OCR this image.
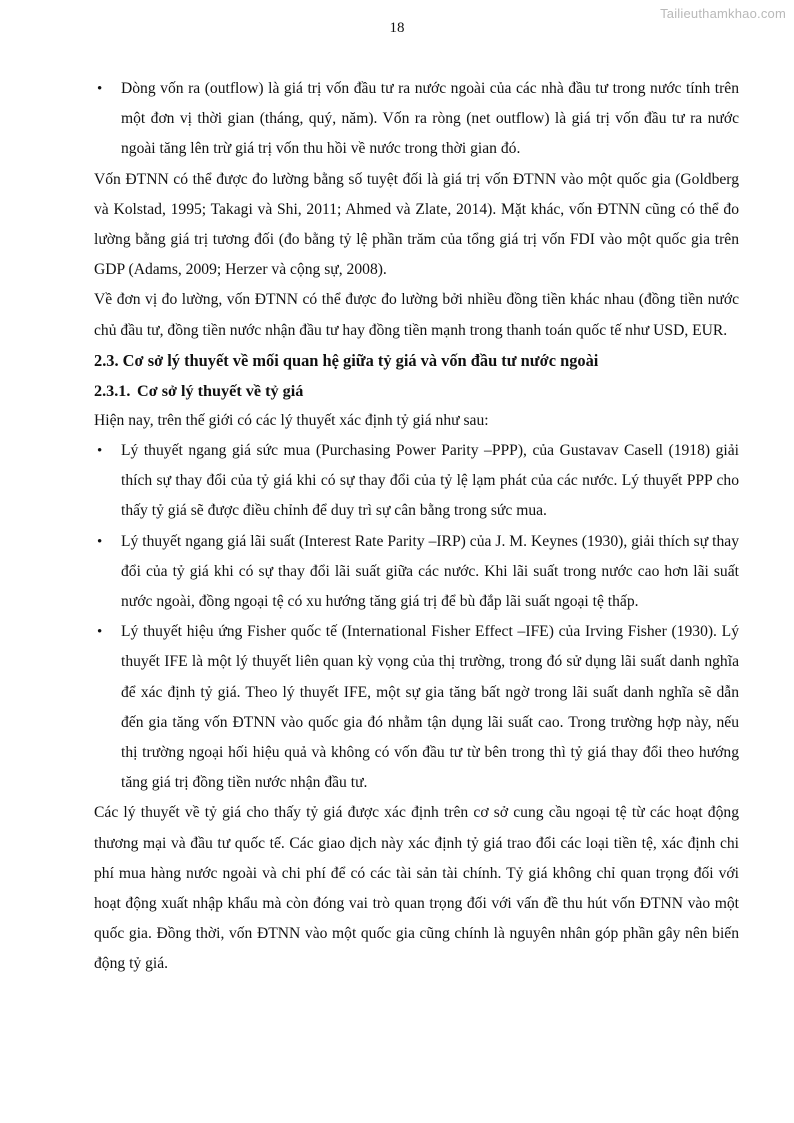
Tailieuthamkhao.com
18
• Dòng vốn ra (outflow) là giá trị vốn đầu tư ra nước ngoài của các nhà đầu tư trong nước tính trên một đơn vị thời gian (tháng, quý, năm). Vốn ra ròng (net outflow) là giá trị vốn đầu tư ra nước ngoài tăng lên trừ giá trị vốn thu hồi về nước trong thời gian đó.

Vốn ĐTNN có thể được đo lường bằng số tuyệt đối là giá trị vốn ĐTNN vào một quốc gia (Goldberg và Kolstad, 1995; Takagi và Shi, 2011; Ahmed và Zlate, 2014). Mặt khác, vốn ĐTNN cũng có thể đo lường bằng giá trị tương đối (đo bằng tỷ lệ phần trăm của tổng giá trị vốn FDI vào một quốc gia trên GDP (Adams, 2009; Herzer và cộng sự, 2008).

Về đơn vị đo lường, vốn ĐTNN có thể được đo lường bởi nhiều đồng tiền khác nhau (đồng tiền nước chủ đầu tư, đồng tiền nước nhận đầu tư hay đồng tiền mạnh trong thanh toán quốc tế như USD, EUR.

2.3. Cơ sở lý thuyết về mối quan hệ giữa tỷ giá và vốn đầu tư nước ngoài
2.3.1. Cơ sở lý thuyết về tỷ giá

Hiện nay, trên thế giới có các lý thuyết xác định tỷ giá như sau:

• Lý thuyết ngang giá sức mua (Purchasing Power Parity –PPP), của Gustavav Casell (1918) giải thích sự thay đổi của tỷ giá khi có sự thay đổi của tỷ lệ lạm phát của các nước. Lý thuyết PPP cho thấy tỷ giá sẽ được điều chỉnh để duy trì sự cân bằng trong sức mua.
• Lý thuyết ngang giá lãi suất (Interest Rate Parity –IRP) của J. M. Keynes (1930), giải thích sự thay đổi của tỷ giá khi có sự thay đổi lãi suất giữa các nước. Khi lãi suất trong nước cao hơn lãi suất nước ngoài, đồng ngoại tệ có xu hướng tăng giá trị để bù đắp lãi suất ngoại tệ thấp.
• Lý thuyết hiệu ứng Fisher quốc tế (International Fisher Effect –IFE) của Irving Fisher (1930). Lý thuyết IFE là một lý thuyết liên quan kỳ vọng của thị trường, trong đó sử dụng lãi suất danh nghĩa để xác định tỷ giá. Theo lý thuyết IFE, một sự gia tăng bất ngờ trong lãi suất danh nghĩa sẽ dẫn đến gia tăng vốn ĐTNN vào quốc gia đó nhằm tận dụng lãi suất cao. Trong trường hợp này, nếu thị trường ngoại hối hiệu quả và không có vốn đầu tư từ bên trong thì tỷ giá thay đổi theo hướng tăng giá trị đồng tiền nước nhận đầu tư.

Các lý thuyết về tỷ giá cho thấy tỷ giá được xác định trên cơ sở cung cầu ngoại tệ từ các hoạt động thương mại và đầu tư quốc tế. Các giao dịch này xác định tỷ giá trao đổi các loại tiền tệ, xác định chi phí mua hàng nước ngoài và chi phí để có các tài sản tài chính. Tỷ giá không chỉ quan trọng đối với hoạt động xuất nhập khẩu mà còn đóng vai trò quan trọng đối với vấn đề thu hút vốn ĐTNN vào một quốc gia. Đồng thời, vốn ĐTNN vào một quốc gia cũng chính là nguyên nhân góp phần gây nên biến động tỷ giá.
